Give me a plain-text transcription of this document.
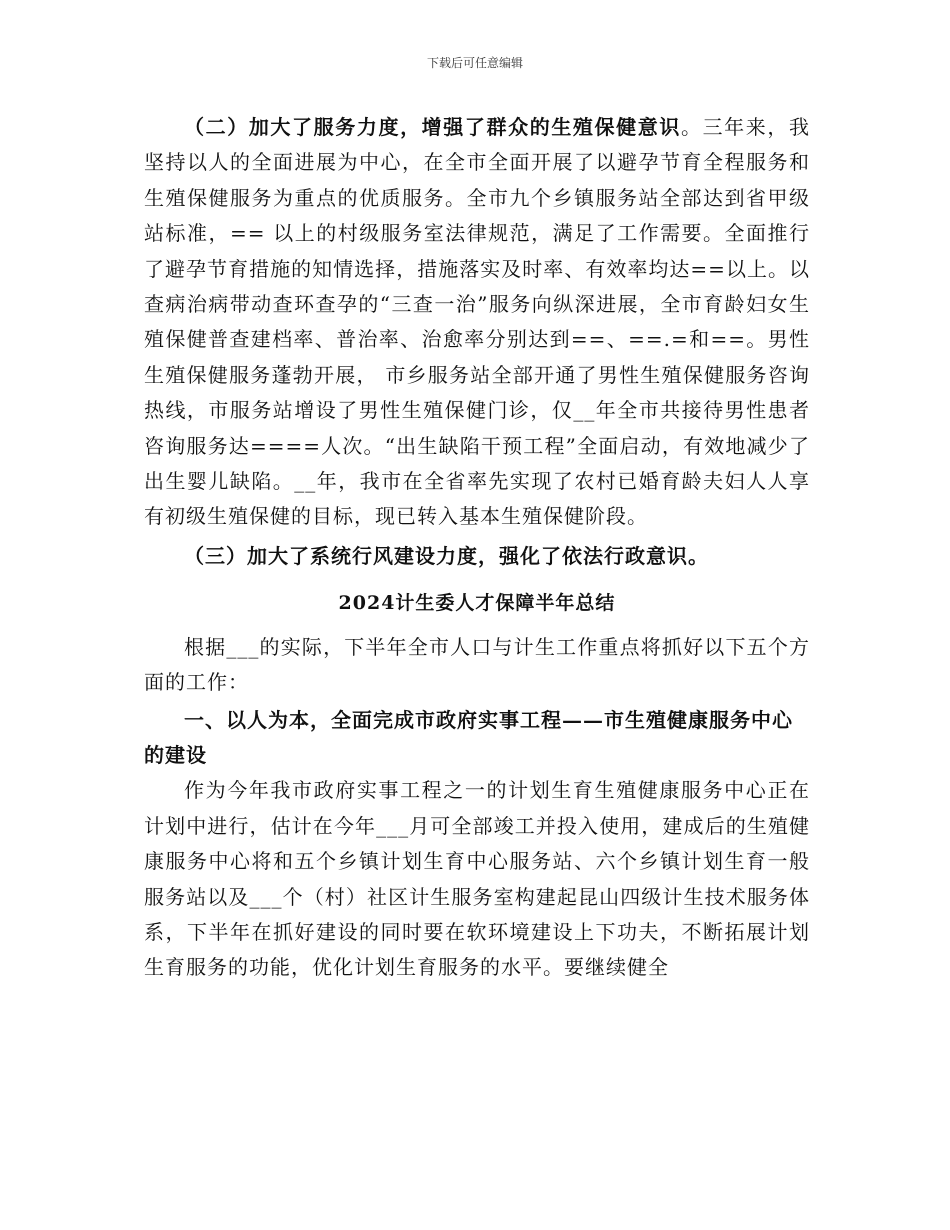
下载后可任意编辑

（二）加大了服务力度，增强了群众的生殖保健意识。三年来，我坚持以人的全面进展为中心，在全市全面开展了以避孕节育全程服务和生殖保健服务为重点的优质服务。全市九个乡镇服务站全部达到省甲级站标准，== 以上的村级服务室法律规范，满足了工作需要。全面推行了避孕节育措施的知情选择，措施落实及时率、有效率均达==以上。以查病治病带动查环查孕的“三查一治”服务向纵深进展，全市育龄妇女生殖保健普查建档率、普治率、治愈率分别达到==、==.=和==。男性生殖保健服务蓬勃开展， 市乡服务站全部开通了男性生殖保健服务咨询热线，市服务站增设了男性生殖保健门诊，仅__年全市共接待男性患者咨询服务达====人次。“出生缺陷干预工程”全面启动，有效地减少了出生婴儿缺陷。__年，我市在全省率先实现了农村已婚育龄夫妇人人享有初级生殖保健的目标，现已转入基本生殖保健阶段。

（三）加大了系统行风建设力度，强化了依法行政意识。

2024计生委人才保障半年总结

根据___的实际，下半年全市人口与计生工作重点将抓好以下五个方面的工作：

一、以人为本，全面完成市政府实事工程——市生殖健康服务中心的建设

作为今年我市政府实事工程之一的计划生育生殖健康服务中心正在计划中进行，估计在今年___月可全部竣工并投入使用，建成后的生殖健康服务中心将和五个乡镇计划生育中心服务站、六个乡镇计划生育一般服务站以及___个（村）社区计生服务室构建起昆山四级计生技术服务体系，下半年在抓好建设的同时要在软环境建设上下功夫，不断拓展计划生育服务的功能，优化计划生育服务的水平。要继续健全
